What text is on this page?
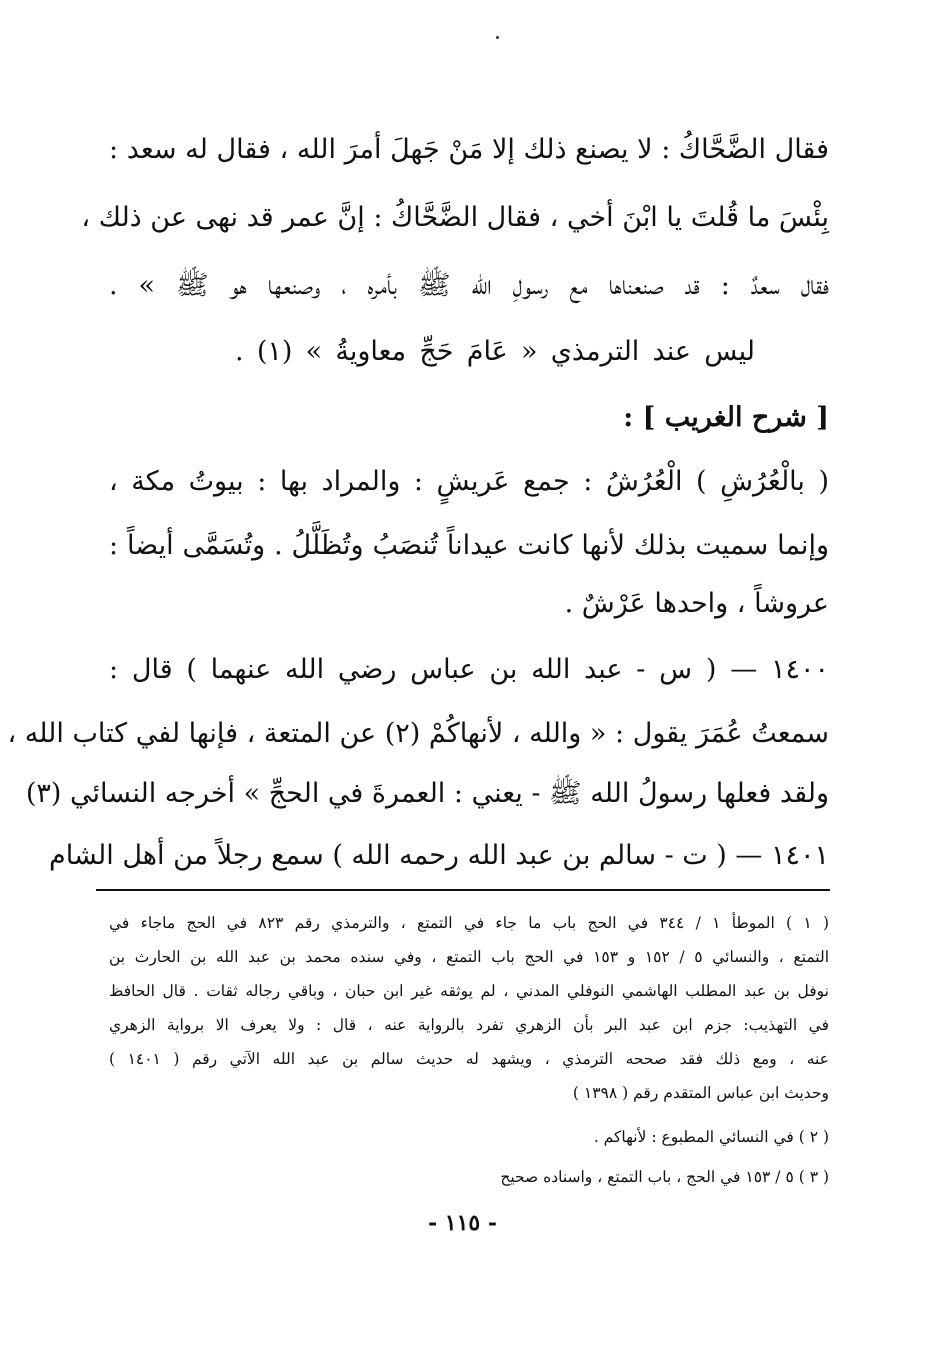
فقال الضَّحَّاكُ : لا يصنع ذلك إلا مَنْ جَهلَ أمرَ الله ، فقال له سعد :
بِئْسَ ما قُلتَ يا ابْنَ أخي ، فقال الضَّحَّاكُ : إنَّ عمر قد نهى عن ذلك ،
فقال سعدٌ : قد صنعناها مع رسولِ الله ﷺ بأمره ، وصنعها هو ﷺ » .
ليس عند الترمذي « عَامَ حَجِّ معاويةُ » (١) .
[ شرح الغريب ] :
( بالْعُرُشِ ) الْعُرُشُ : جمع عَريشٍ : والمراد بها : بيوتُ مكة ،
وإنما سميت بذلك لأنها كانت عيداناً تُنصَبُ وتُظَلَّلُ . وتُسَمَّى أيضاً :
عروشاً ، واحدها عَرْشٌ .
١٤٠٠ — ( س - عبد الله بن عباس رضي الله عنهما ) قال :
سمعتُ عُمَرَ يقول : « والله ، لأنهاكُمْ (٢) عن المتعة ، فإنها لفي كتاب الله ،
ولقد فعلها رسولُ الله ﷺ - يعني : العمرةَ في الحجِّ » أخرجه النسائي (٣)
١٤٠١ — ( ت - سالم بن عبد الله رحمه الله ) سمع رجلاً من أهل الشام
( ١ ) الموطأ ١ / ٣٤٤ في الحج باب ما جاء في التمتع ، والترمذي رقم ٨٢٣ في الحج ماجاء في
التمتع ، والنسائي ٥ / ١٥٢ و ١٥٣ في الحج باب التمتع ، وفي سنده محمد بن عبد الله بن الحارث بن
نوفل بن عبد المطلب الهاشمي النوفلي المدني ، لم يوثقه غير ابن حبان ، وباقي رجاله ثقات . قال الحافظ
في التهذيب: جزم ابن عبد البر بأن الزهري تفرد بالرواية عنه ، قال : ولا يعرف الا برواية الزهري
عنه ، ومع ذلك فقد صححه الترمذي ، ويشهد له حديث سالم بن عبد الله الآتي رقم ( ١٤٠١ )
وحديث ابن عباس المتقدم رقم ( ١٣٩٨ )
( ٢ ) في النسائي المطبوع : لأنهاكم .
( ٣ ) ٥ / ١٥٣ في الحج ، باب التمتع ، واسناده صحيح
- ١١٥ -
